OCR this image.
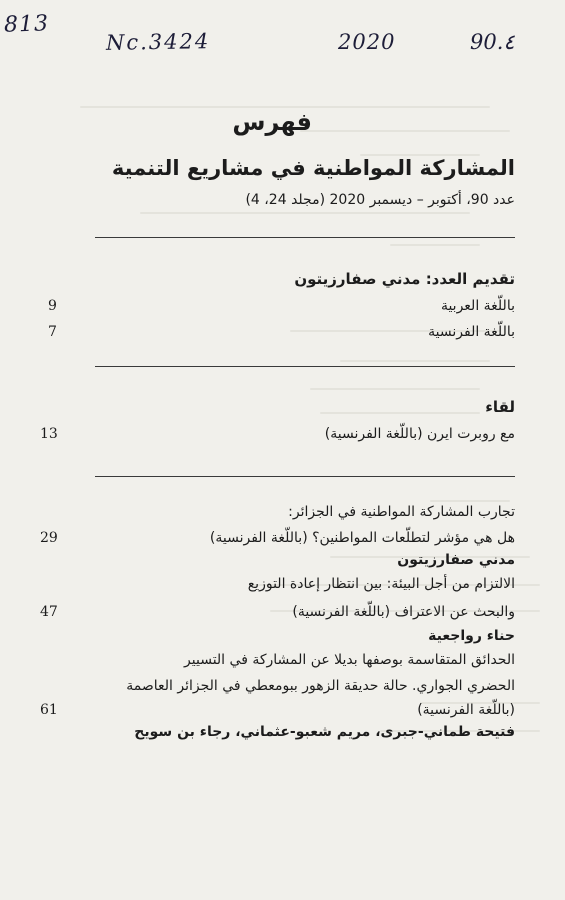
813
Nc.3424	2020	90.٤
فهرس
المشاركة المواطنية في مشاريع التنمية
عدد 90، أكتوبر – ديسمبر 2020 (مجلد 24، 4)
تقديم العدد: مدني صفارزيتون
باللّغة العربية
9
باللّغة الفرنسية
7
لقاء
مع روبرت ايرن (باللّغة الفرنسية)
13
تجارب المشاركة المواطنية في الجزائر:
هل هي مؤشر لتطلّعات المواطنين؟ (باللّغة الفرنسية)
29
مدني صفارزيتون
الالتزام من أجل البيئة: بين انتظار إعادة التوزيع
والبحث عن الاعتراف (باللّغة الفرنسية)
47
حناء رواجعية
الحدائق المتقاسمة بوصفها بديلا عن المشاركة في التسيير
الحضري الجواري. حالة حديقة الزهور ببومعطي في الجزائر العاصمة
(باللّغة الفرنسية)
61
فتيحة طماني-جبرى، مريم شعبو-عثماني، رجاء بن سويح
